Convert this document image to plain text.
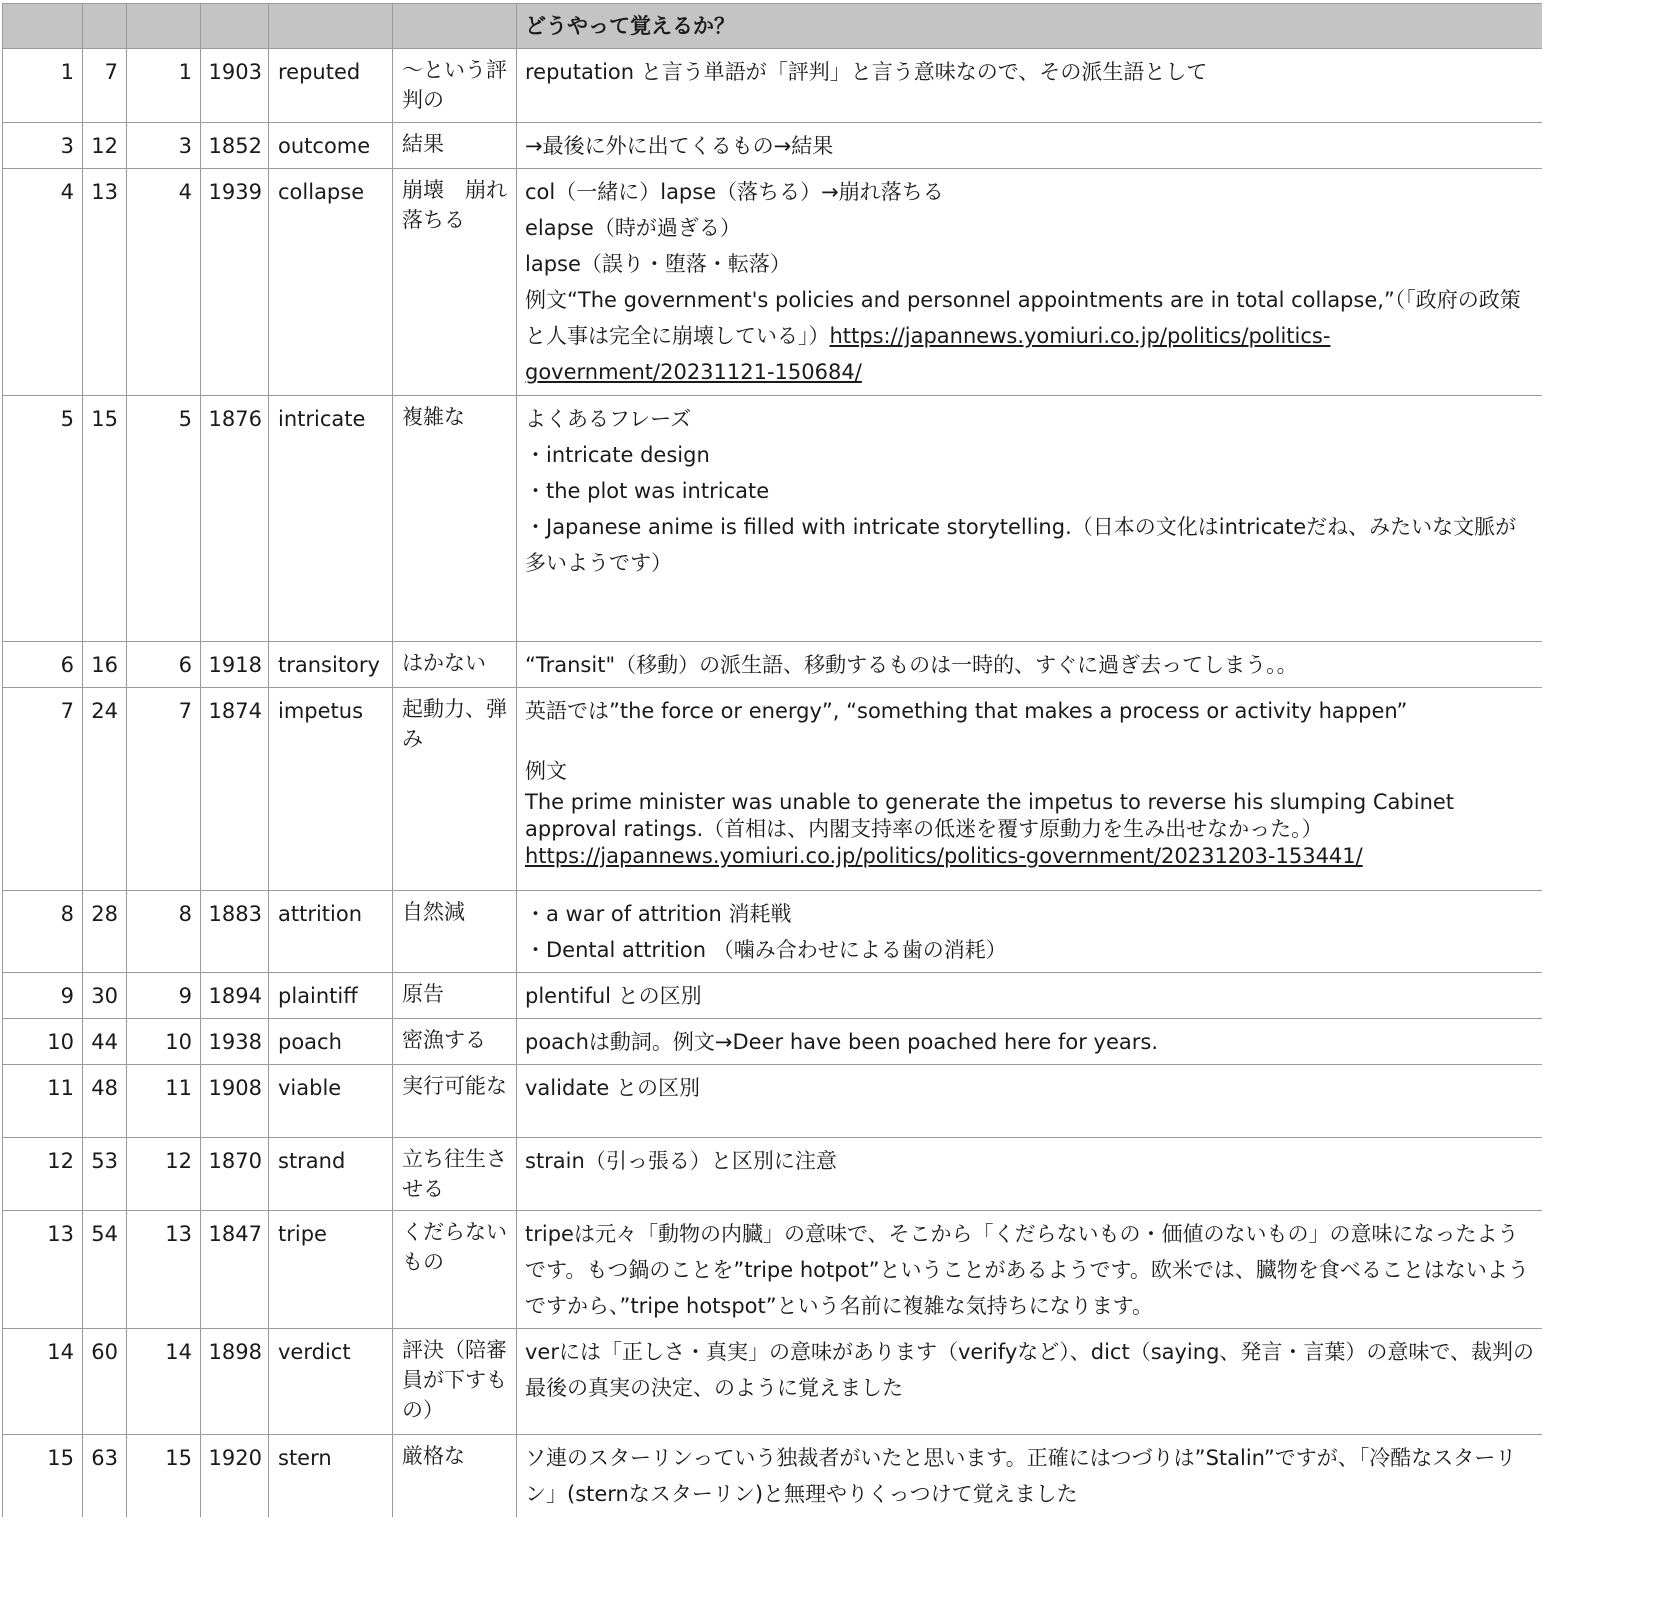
						どうやって覚えるか？
1	7	1	1903	reputed	〜という評判の	reputation と言う単語が「評判」と言う意味なので、その派生語として

3	12	3	1852	outcome	結果	→最後に外に出てくるもの→結果

4	13	4	1939	collapse	崩壊　崩れ落ちる	col（一緒に）lapse（落ちる）→崩れ落ちる
elapse（時が過ぎる）
lapse（誤り・堕落・転落）
例文“The government's policies and personnel appointments are in total collapse,”（「政府の政策と人事は完全に崩壊している」）https://japannews.yomiuri.co.jp/politics/politics-government/20231121-150684/

5	15	5	1876	intricate	複雑な	よくあるフレーズ
・intricate design
・the plot was intricate
・Japanese anime is filled with intricate storytelling.（日本の文化はintricateだね、みたいな文脈が多いようです）

6	16	6	1918	transitory	はかない	“Transit"（移動）の派生語、移動するものは一時的、すぐに過ぎ去ってしまう。。

7	24	7	1874	impetus	起動力、弾み	英語では”the force or energy”, “something that makes a process or activity happen”
例文
The prime minister was unable to generate the impetus to reverse his slumping Cabinet approval ratings.（首相は、内閣支持率の低迷を覆す原動力を生み出せなかった。）https://japannews.yomiuri.co.jp/politics/politics-government/20231203-153441/

8	28	8	1883	attrition	自然減	・a war of attrition 消耗戦
・Dental attrition （噛み合わせによる歯の消耗）

9	30	9	1894	plaintiff	原告	plentiful との区別

10	44	10	1938	poach	密漁する	poachは動詞。例文→Deer have been poached here for years.

11	48	11	1908	viable	実行可能な	validate との区別

12	53	12	1870	strand	立ち往生させる	strain（引っ張る）と区別に注意

13	54	13	1847	tripe	くだらないもの	tripeは元々「動物の内臓」の意味で、そこから「くだらないもの・価値のないもの」の意味になったようです。もつ鍋のことを”tripe hotpot”ということがあるようです。欧米では、臓物を食べることはないようですから、”tripe hotspot”という名前に複雑な気持ちになります。

14	60	14	1898	verdict	評決（陪審員が下すもの）	verには「正しさ・真実」の意味があります（verifyなど）、dict（saying、発言・言葉）の意味で、裁判の最後の真実の決定、のように覚えました

15	63	15	1920	stern	厳格な	ソ連のスターリンっていう独裁者がいたと思います。正確にはつづりは”Stalin”ですが、「冷酷なスターリン」(sternなスターリン)と無理やりくっつけて覚えました
